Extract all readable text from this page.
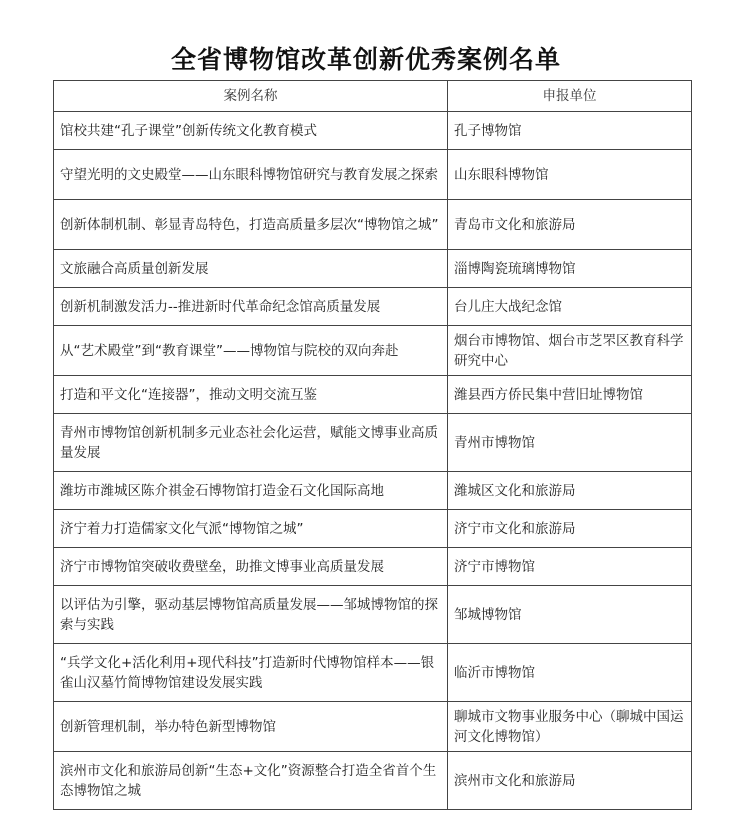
全省博物馆改革创新优秀案例名单
案例名称	申报单位
馆校共建“孔子课堂”创新传统文化教育模式	孔子博物馆
守望光明的文史殿堂——山东眼科博物馆研究与教育发展之探索	山东眼科博物馆
创新体制机制、彰显青岛特色，打造高质量多层次“博物馆之城”	青岛市文化和旅游局
文旅融合高质量创新发展	淄博陶瓷琉璃博物馆
创新机制激发活力--推进新时代革命纪念馆高质量发展	台儿庄大战纪念馆
从“艺术殿堂”到“教育课堂”——博物馆与院校的双向奔赴	烟台市博物馆、烟台市芝罘区教育科学研究中心
打造和平文化“连接器”，推动文明交流互鉴	潍县西方侨民集中营旧址博物馆
青州市博物馆创新机制多元业态社会化运营，赋能文博事业高质量发展	青州市博物馆
潍坊市潍城区陈介祺金石博物馆打造金石文化国际高地	潍城区文化和旅游局
济宁着力打造儒家文化气派“博物馆之城”	济宁市文化和旅游局
济宁市博物馆突破收费壁垒，助推文博事业高质量发展	济宁市博物馆
以评估为引擎，驱动基层博物馆高质量发展——邹城博物馆的探索与实践	邹城博物馆
“兵学文化+活化利用+现代科技”打造新时代博物馆样本——银雀山汉墓竹简博物馆建设发展实践	临沂市博物馆
创新管理机制，举办特色新型博物馆	聊城市文物事业服务中心（聊城中国运河文化博物馆）
滨州市文化和旅游局创新“生态+文化”资源整合打造全省首个生态博物馆之城	滨州市文化和旅游局
